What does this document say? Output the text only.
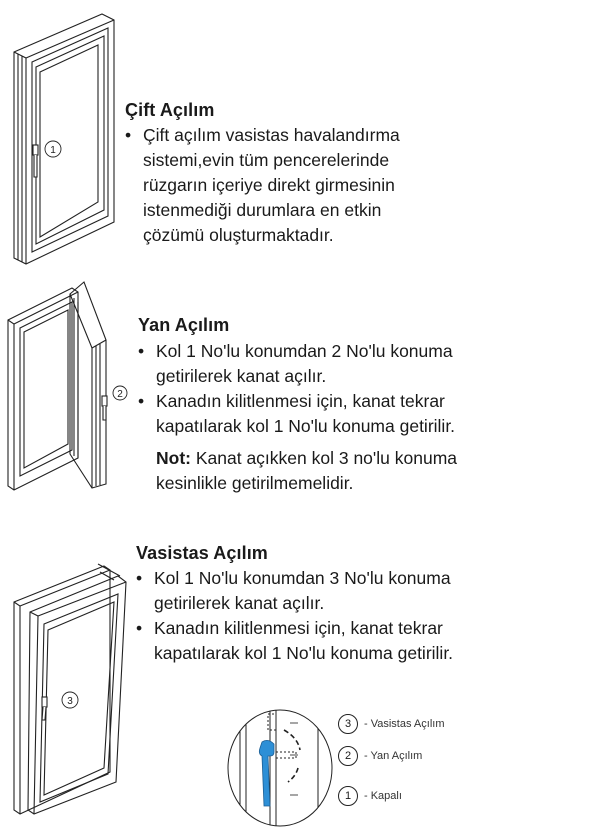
1
Çift Açılım
• Çift açılım vasistas havalandırma
sistemi,evin tüm pencerelerinde
rüzgarın içeriye direkt girmesinin
istenmediği durumlara en etkin
çözümü oluşturmaktadır.
2
Yan Açılım
• Kol 1 No'lu konumdan 2 No'lu konuma
getirilerek kanat açılır.
• Kanadın kilitlenmesi için, kanat tekrar
kapatılarak kol 1 No'lu konuma getirilir.
Not: Kanat açıkken kol 3 no'lu konuma
kesinlikle getirilmemelidir.
3
Vasistas Açılım
• Kol 1 No'lu konumdan 3 No'lu konuma
getirilerek kanat açılır.
• Kanadın kilitlenmesi için, kanat tekrar
kapatılarak kol 1 No'lu konuma getirilir.
3	- Vasistas Açılım
2	- Yan Açılım
1	- Kapalı
